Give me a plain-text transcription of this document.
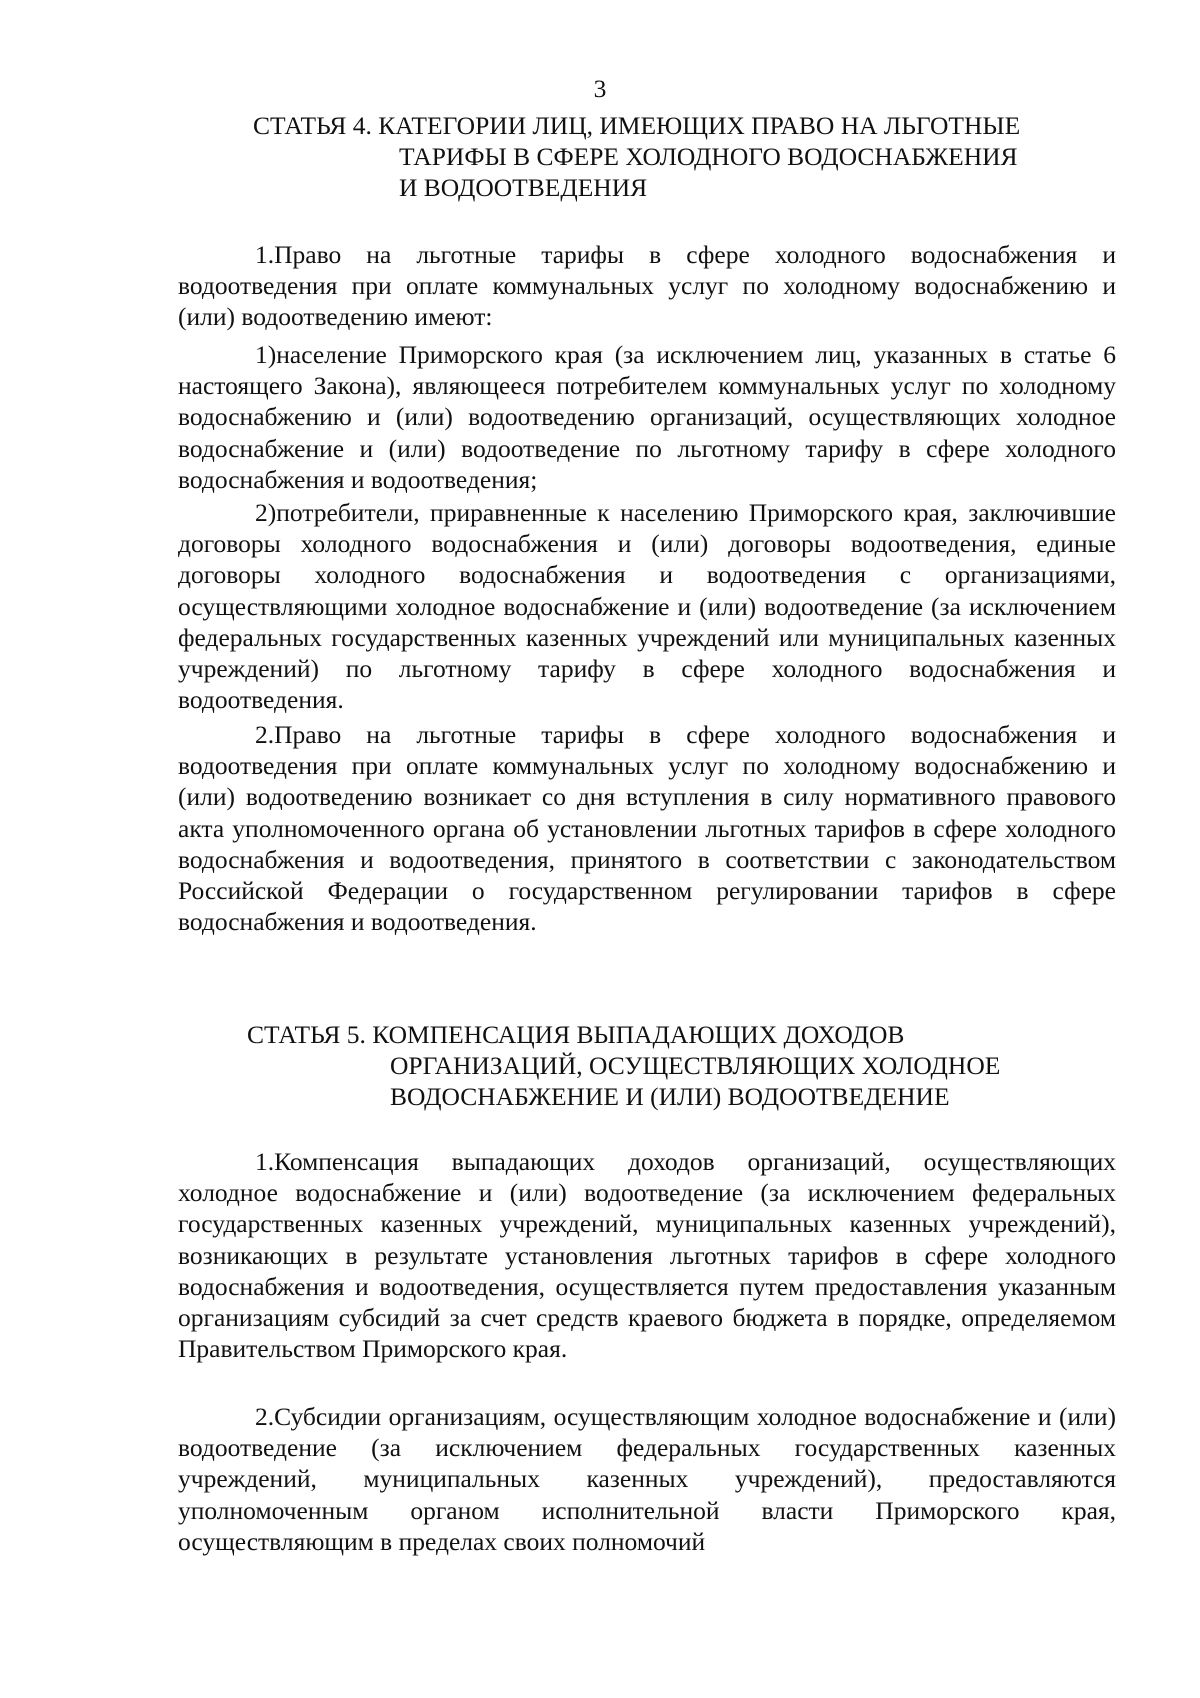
3
СТАТЬЯ 4. КАТЕГОРИИ ЛИЦ, ИМЕЮЩИХ ПРАВО НА ЛЬГОТНЫЕ
ТАРИФЫ В СФЕРЕ ХОЛОДНОГО ВОДОСНАБЖЕНИЯ
И ВОДООТВЕДЕНИЯ

1.Право на льготные тарифы в сфере холодного водоснабжения и водоотведения при оплате коммунальных услуг по холодному водоснабжению и (или) водоотведению имеют:

1)население Приморского края (за исключением лиц, указанных в статье 6 настоящего Закона), являющееся потребителем коммунальных услуг по холодному водоснабжению и (или) водоотведению организаций, осуществляющих холодное водоснабжение и (или) водоотведение по льготному тарифу в сфере холодного водоснабжения и водоотведения;

2)потребители, приравненные к населению Приморского края, заключившие договоры холодного водоснабжения и (или) договоры водоотведения, единые договоры холодного водоснабжения и водоотведения с организациями, осуществляющими холодное водоснабжение и (или) водоотведение (за исключением федеральных государственных казенных учреждений или муниципальных казенных учреждений) по льготному тарифу в сфере холодного водоснабжения и водоотведения.

2.Право на льготные тарифы в сфере холодного водоснабжения и водоотведения при оплате коммунальных услуг по холодному водоснабжению и (или) водоотведению возникает со дня вступления в силу нормативного правового акта уполномоченного органа об установлении льготных тарифов в сфере холодного водоснабжения и водоотведения, принятого в соответствии с законодательством Российской Федерации о государственном регулировании тарифов в сфере водоснабжения и водоотведения.

СТАТЬЯ 5. КОМПЕНСАЦИЯ ВЫПАДАЮЩИХ ДОХОДОВ
ОРГАНИЗАЦИЙ, ОСУЩЕСТВЛЯЮЩИХ ХОЛОДНОЕ
ВОДОСНАБЖЕНИЕ И (ИЛИ) ВОДООТВЕДЕНИЕ

1.Компенсация выпадающих доходов организаций, осуществляющих холодное водоснабжение и (или) водоотведение (за исключением федеральных государственных казенных учреждений, муниципальных казенных учреждений), возникающих в результате установления льготных тарифов в сфере холодного водоснабжения и водоотведения, осуществляется путем предоставления указанным организациям субсидий за счет средств краевого бюджета в порядке, определяемом Правительством Приморского края.

2.Субсидии организациям, осуществляющим холодное водоснабжение и (или) водоотведение (за исключением федеральных государственных казенных учреждений, муниципальных казенных учреждений), предоставляются уполномоченным органом исполнительной власти Приморского края, осуществляющим в пределах своих полномочий
